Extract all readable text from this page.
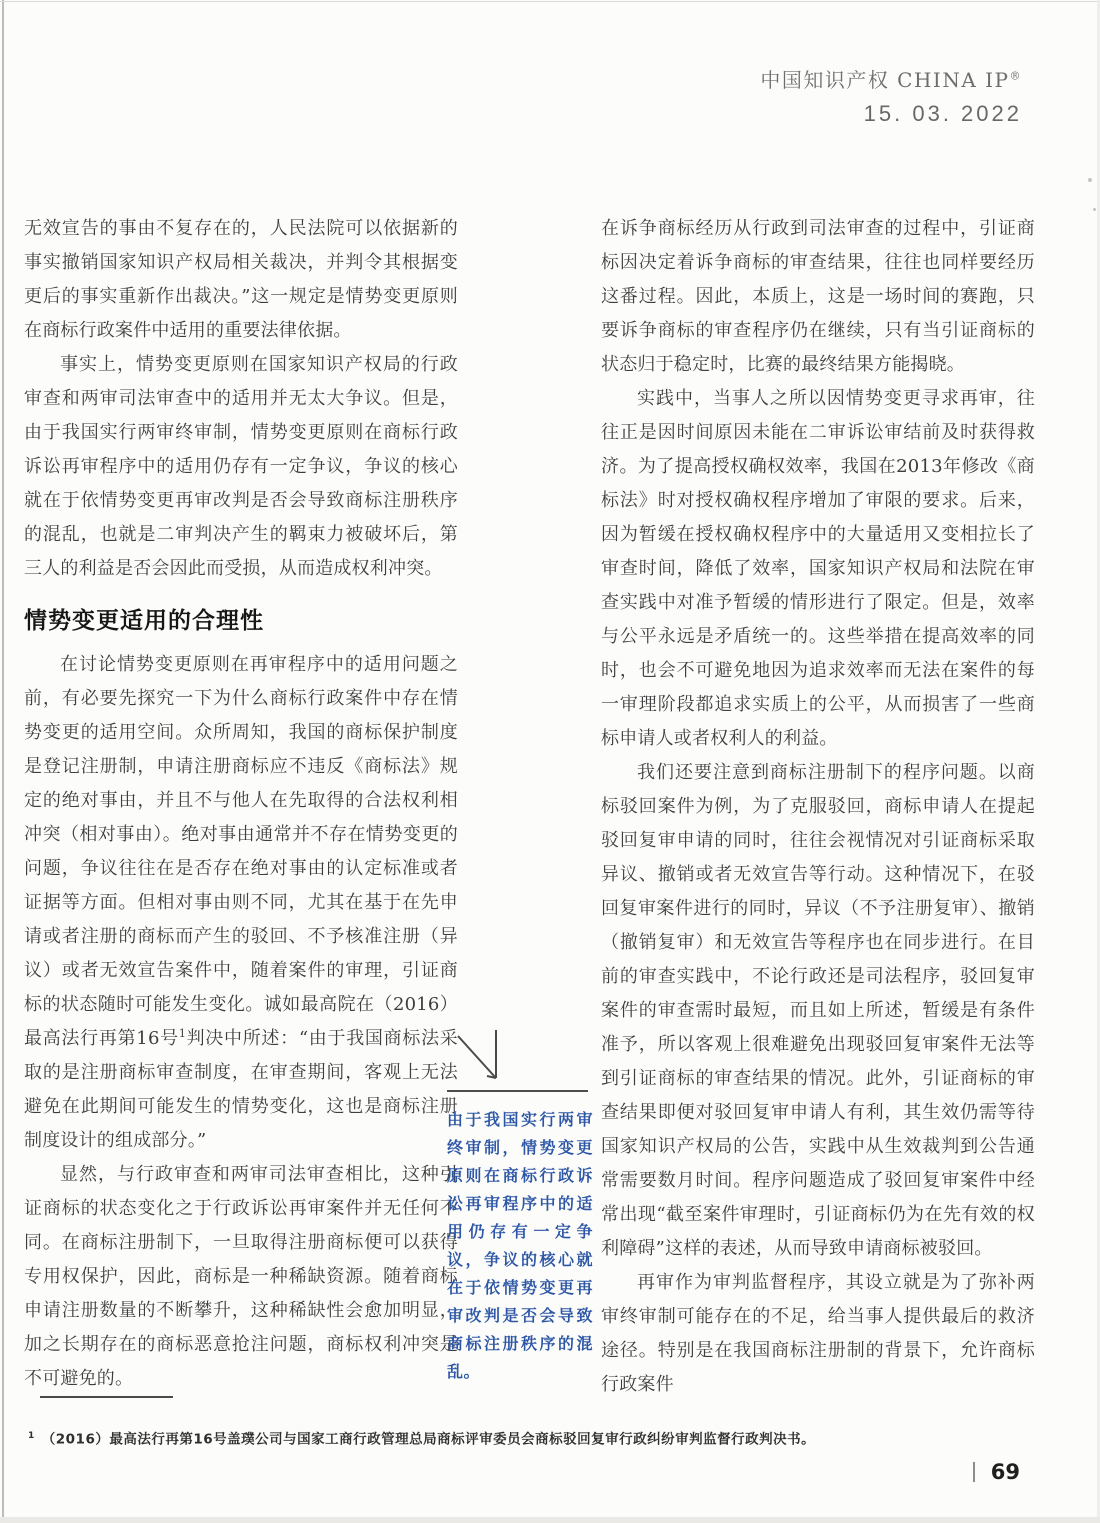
中国知识产权 CHINA IP®
15. 03. 2022

无效宣告的事由不复存在的，人民法院可以依据新的事实撤销国家知识产权局相关裁决，并判令其根据变更后的事实重新作出裁决。”这一规定是情势变更原则在商标行政案件中适用的重要法律依据。

事实上，情势变更原则在国家知识产权局的行政审查和两审司法审查中的适用并无太大争议。但是，由于我国实行两审终审制，情势变更原则在商标行政诉讼再审程序中的适用仍存有一定争议，争议的核心就在于依情势变更再审改判是否会导致商标注册秩序的混乱，也就是二审判决产生的羁束力被破坏后，第三人的利益是否会因此而受损，从而造成权利冲突。

情势变更适用的合理性

在讨论情势变更原则在再审程序中的适用问题之前，有必要先探究一下为什么商标行政案件中存在情势变更的适用空间。众所周知，我国的商标保护制度是登记注册制，申请注册商标应不违反《商标法》规定的绝对事由，并且不与他人在先取得的合法权利相冲突（相对事由）。绝对事由通常并不存在情势变更的问题，争议往往在是否存在绝对事由的认定标准或者证据等方面。但相对事由则不同，尤其在基于在先申请或者注册的商标而产生的驳回、不予核准注册（异议）或者无效宣告案件中，随着案件的审理，引证商标的状态随时可能发生变化。诚如最高院在（2016）最高法行再第16号$^1$判决中所述：“由于我国商标法采取的是注册商标审查制度，在审查期间，客观上无法避免在此期间可能发生的情势变化，这也是商标注册制度设计的组成部分。”

显然，与行政审查和两审司法审查相比，这种引证商标的状态变化之于行政诉讼再审案件并无任何不同。在商标注册制下，一旦取得注册商标便可以获得专用权保护，因此，商标是一种稀缺资源。随着商标申请注册数量的不断攀升，这种稀缺性会愈加明显，加之长期存在的商标恶意抢注问题，商标权利冲突是不可避免的。

由于我国实行两审终审制，情势变更原则在商标行政诉讼再审程序中的适用仍存有一定争议，争议的核心就在于依情势变更再审改判是否会导致商标注册秩序的混乱。

在诉争商标经历从行政到司法审查的过程中，引证商标因决定着诉争商标的审查结果，往往也同样要经历这番过程。因此，本质上，这是一场时间的赛跑，只要诉争商标的审查程序仍在继续，只有当引证商标的状态归于稳定时，比赛的最终结果方能揭晓。

实践中，当事人之所以因情势变更寻求再审，往往正是因时间原因未能在二审诉讼审结前及时获得救济。为了提高授权确权效率，我国在2013年修改《商标法》时对授权确权程序增加了审限的要求。后来，因为暂缓在授权确权程序中的大量适用又变相拉长了审查时间，降低了效率，国家知识产权局和法院在审查实践中对准予暂缓的情形进行了限定。但是，效率与公平永远是矛盾统一的。这些举措在提高效率的同时，也会不可避免地因为追求效率而无法在案件的每一审理阶段都追求实质上的公平，从而损害了一些商标申请人或者权利人的利益。

我们还要注意到商标注册制下的程序问题。以商标驳回案件为例，为了克服驳回，商标申请人在提起驳回复审申请的同时，往往会视情况对引证商标采取异议、撤销或者无效宣告等行动。这种情况下，在驳回复审案件进行的同时，异议（不予注册复审）、撤销（撤销复审）和无效宣告等程序也在同步进行。在目前的审查实践中，不论行政还是司法程序，驳回复审案件的审查需时最短，而且如上所述，暂缓是有条件准予，所以客观上很难避免出现驳回复审案件无法等到引证商标的审查结果的情况。此外，引证商标的审查结果即便对驳回复审申请人有利，其生效仍需等待国家知识产权局的公告，实践中从生效裁判到公告通常需要数月时间。程序问题造成了驳回复审案件中经常出现“截至案件审理时，引证商标仍为在先有效的权利障碍”这样的表述，从而导致申请商标被驳回。

再审作为审判监督程序，其设立就是为了弥补两审终审制可能存在的不足，给当事人提供最后的救济途径。特别是在我国商标注册制的背景下，允许商标行政案件

$^1$ （2016）最高法行再第16号盖璞公司与国家工商行政管理总局商标评审委员会商标驳回复审行政纠纷审判监督行政判决书。

69
